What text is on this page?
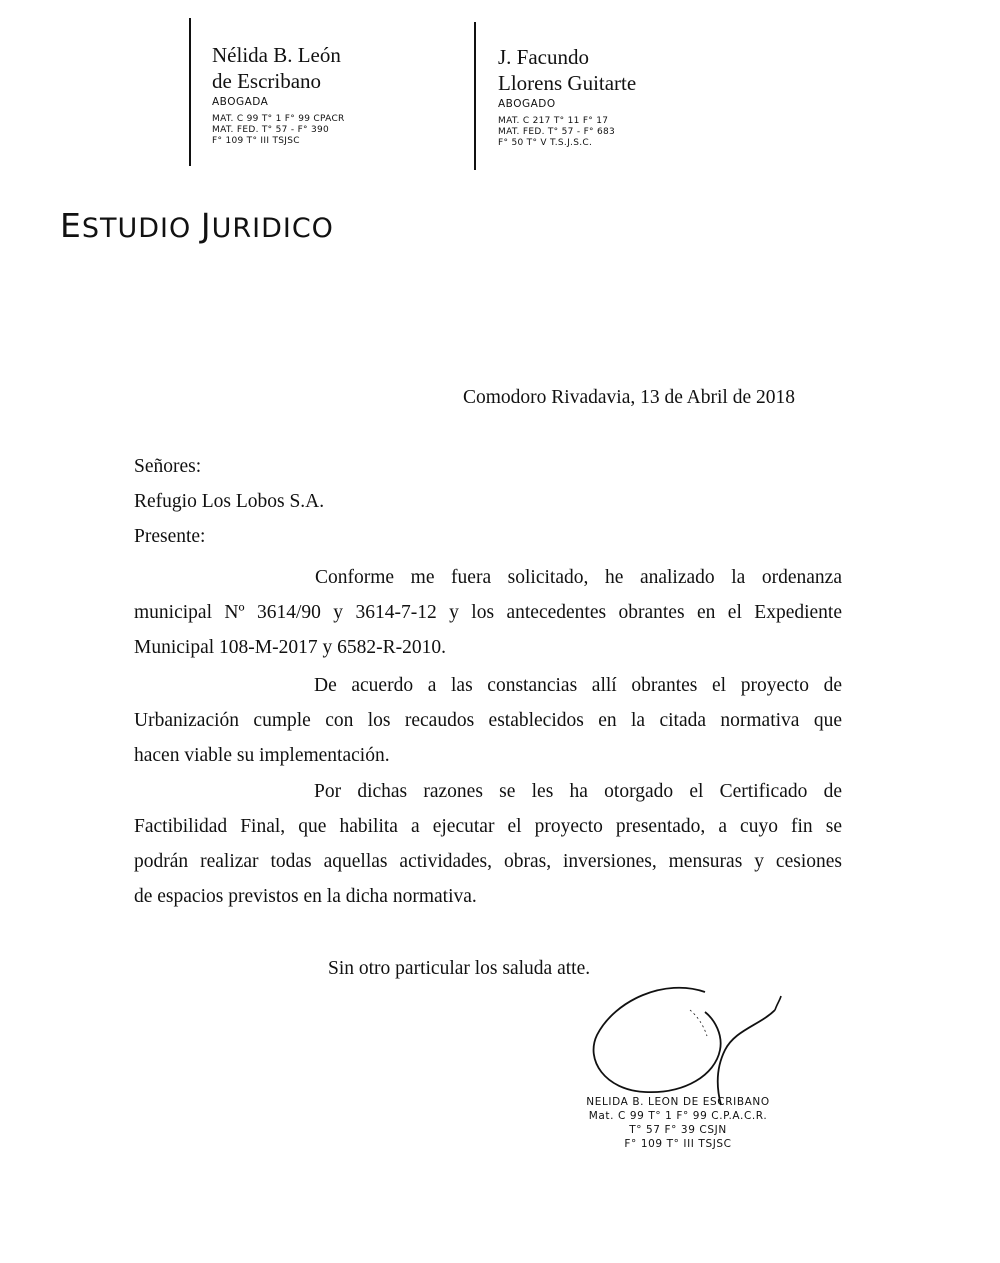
Nélida B. León
de Escribano
ABOGADA
MAT. C 99 T° 1 F° 99 CPACR
MAT. FED. T° 57 - F° 390
F° 109 T° III TSJSC
J. Facundo
Llorens Guitarte
ABOGADO
MAT. C 217 T° 11 F° 17
MAT. FED. T° 57 - F° 683
F° 50 T° V T.S.J.S.C.
ESTUDIO JURIDICO
Comodoro Rivadavia, 13 de Abril de 2018
Señores:
Refugio Los Lobos S.A.
Presente:
Conforme me fuera solicitado, he analizado la ordenanza
municipal Nº 3614/90 y 3614-7-12 y los antecedentes obrantes en el Expediente
Municipal 108-M-2017 y 6582-R-2010.
De acuerdo a las constancias allí obrantes el proyecto de
Urbanización cumple con los recaudos establecidos en la citada normativa que
hacen viable su implementación.
Por dichas razones se les ha otorgado el Certificado de
Factibilidad Final, que habilita a ejecutar el proyecto presentado, a cuyo fin se
podrán realizar todas aquellas actividades, obras, inversiones, mensuras y cesiones
de espacios previstos en la dicha normativa.
Sin otro particular los saluda atte.
NELIDA B. LEON DE ESCRIBANO
Mat. C 99 T° 1 F° 99 C.P.A.C.R.
T° 57 F° 39 CSJN
F° 109 T° III TSJSC
